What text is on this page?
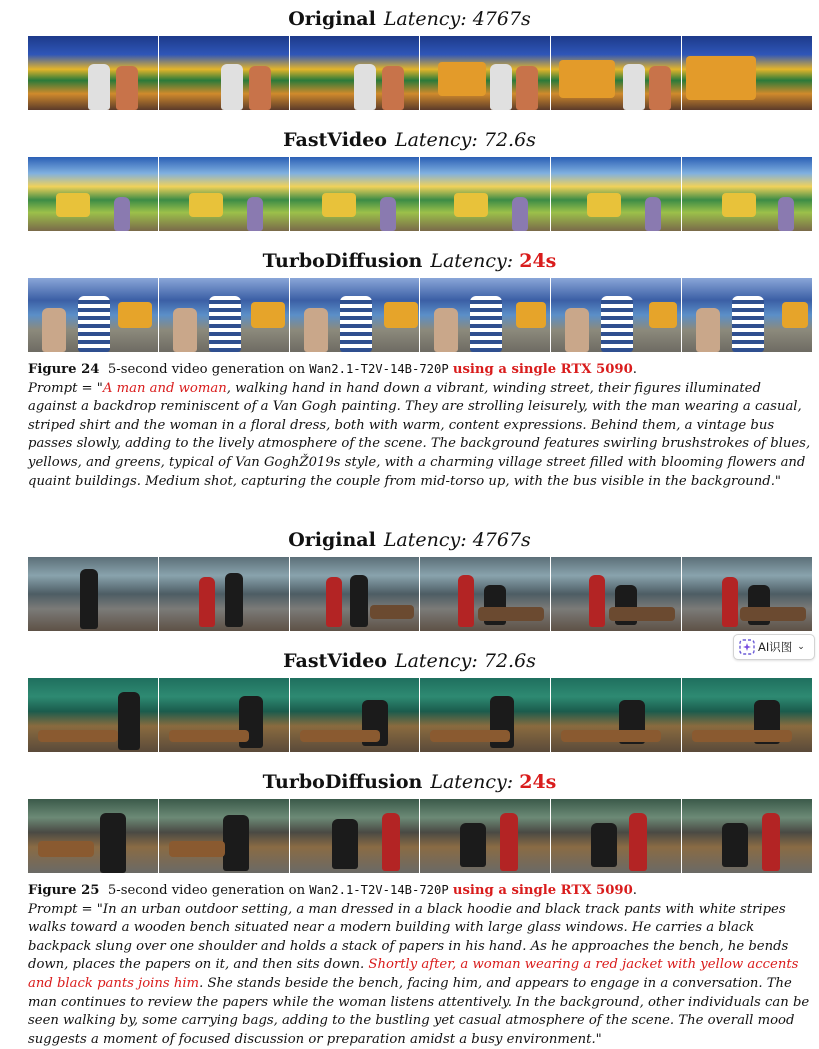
Original Latency: 4767s
FastVideo Latency: 72.6s
TurboDiffusion Latency: 24s
Figure 24 5-second video generation on Wan2.1-T2V-14B-720P using a single RTX 5090.
Prompt = "A man and woman, walking hand in hand down a vibrant, winding street, their figures illuminated against a backdrop reminiscent of a Van Gogh painting. They are strolling leisurely, with the man wearing a casual, striped shirt and the woman in a floral dress, both with warm, content expressions. Behind them, a vintage bus passes slowly, adding to the lively atmosphere of the scene. The background features swirling brushstrokes of blues, yellows, and greens, typical of Van GoghŽ019s style, with a charming village street filled with blooming flowers and quaint buildings. Medium shot, capturing the couple from mid-torso up, with the bus visible in the background."
Original Latency: 4767s
FastVideo Latency: 72.6s
TurboDiffusion Latency: 24s
Figure 25 5-second video generation on Wan2.1-T2V-14B-720P using a single RTX 5090.
Prompt = "In an urban outdoor setting, a man dressed in a black hoodie and black track pants with white stripes walks toward a wooden bench situated near a modern building with large glass windows. He carries a black backpack slung over one shoulder and holds a stack of papers in his hand. As he approaches the bench, he bends down, places the papers on it, and then sits down. Shortly after, a woman wearing a red jacket with yellow accents and black pants joins him. She stands beside the bench, facing him, and appears to engage in a conversation. The man continues to review the papers while the woman listens attentively. In the background, other individuals can be seen walking by, some carrying bags, adding to the bustling yet casual atmosphere of the scene. The overall mood suggests a moment of focused discussion or preparation amidst a busy environment."
AI识图 ⌄
